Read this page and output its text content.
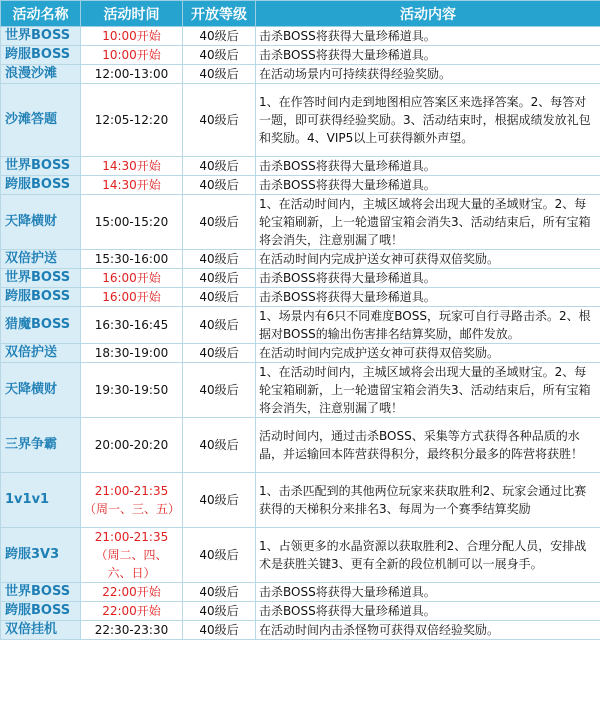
活动名称	活动时间	开放等级	活动内容
世界BOSS	10:00开始	40级后	击杀BOSS将获得大量珍稀道具。
跨服BOSS	10:00开始	40级后	击杀BOSS将获得大量珍稀道具。
浪漫沙滩	12:00-13:00	40级后	在活动场景内可持续获得经验奖励。
沙滩答题	12:05-12:20	40级后	1、在作答时间内走到地图相应答案区来选择答案。2、每答对一题，即可获得经验奖励。3、活动结束时，根据成绩发放礼包和奖励。4、VIP5以上可获得额外声望。
世界BOSS	14:30开始	40级后	击杀BOSS将获得大量珍稀道具。
跨服BOSS	14:30开始	40级后	击杀BOSS将获得大量珍稀道具。
天降横财	15:00-15:20	40级后	1、在活动时间内，主城区域将会出现大量的圣域财宝。2、每轮宝箱刷新，上一轮遗留宝箱会消失3、活动结束后，所有宝箱将会消失，注意别漏了哦！
双倍护送	15:30-16:00	40级后	在活动时间内完成护送女神可获得双倍奖励。
世界BOSS	16:00开始	40级后	击杀BOSS将获得大量珍稀道具。
跨服BOSS	16:00开始	40级后	击杀BOSS将获得大量珍稀道具。
猎魔BOSS	16:30-16:45	40级后	1、场景内有6只不同难度BOSS，玩家可自行寻路击杀。2、根据对BOSS的输出伤害排名结算奖励，邮件发放。
双倍护送	18:30-19:00	40级后	在活动时间内完成护送女神可获得双倍奖励。
天降横财	19:30-19:50	40级后	1、在活动时间内，主城区域将会出现大量的圣域财宝。2、每轮宝箱刷新，上一轮遗留宝箱会消失3、活动结束后，所有宝箱将会消失，注意别漏了哦！
三界争霸	20:00-20:20	40级后	活动时间内，通过击杀BOSS、采集等方式获得各种品质的水晶，并运输回本阵营获得积分，最终积分最多的阵营将获胜！
1v1v1	21:00-21:35（周一、三、五）	40级后	1、击杀匹配到的其他两位玩家来获取胜利2、玩家会通过比赛获得的天梯积分来排名3、每周为一个赛季结算奖励
跨服3V3	21:00-21:35（周二、四、六、日）	40级后	1、占领更多的水晶资源以获取胜利2、合理分配人员，安排战术是获胜关键3、更有全新的段位机制可以一展身手。
世界BOSS	22:00开始	40级后	击杀BOSS将获得大量珍稀道具。
跨服BOSS	22:00开始	40级后	击杀BOSS将获得大量珍稀道具。
双倍挂机	22:30-23:30	40级后	在活动时间内击杀怪物可获得双倍经验奖励。
